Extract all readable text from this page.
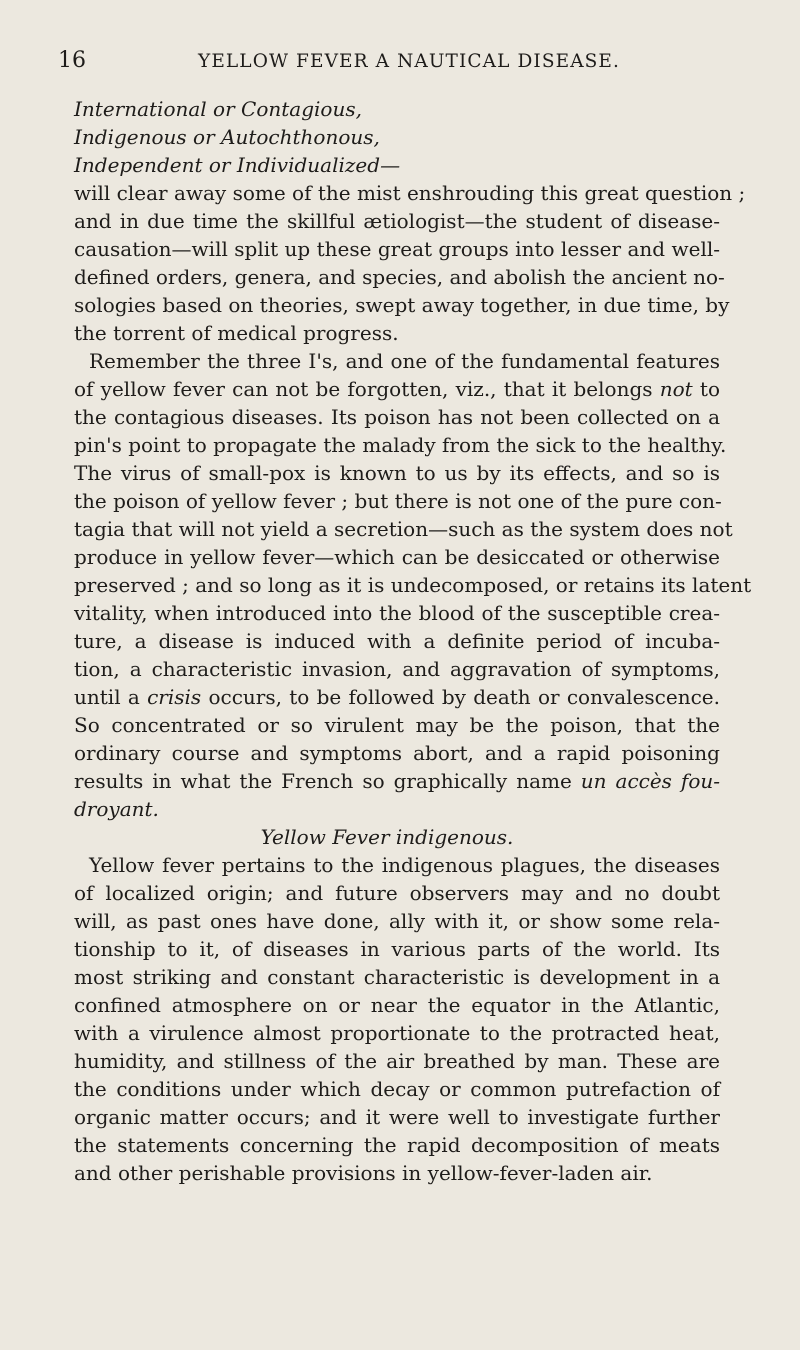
16	YELLOW FEVER A NAUTICAL DISEASE.
International or Contagious,
Indigenous or Autochthonous,
Independent or Individualized—
will clear away some of the mist enshrouding this great question ;
and in due time the skillful ætiologist—the student of disease-
causation—will split up these great groups into lesser and well-
defined orders, genera, and species, and abolish the ancient no-
sologies based on theories, swept away together, in due time, by
the torrent of medical progress.
Remember the three I's, and one of the fundamental features
of yellow fever can not be forgotten, viz., that it belongs not to
the contagious diseases. Its poison has not been collected on a
pin's point to propagate the malady from the sick to the healthy.
The virus of small-pox is known to us by its effects, and so is
the poison of yellow fever ; but there is not one of the pure con-
tagia that will not yield a secretion—such as the system does not
produce in yellow fever—which can be desiccated or otherwise
preserved ; and so long as it is undecomposed, or retains its latent
vitality, when introduced into the blood of the susceptible crea-
ture, a disease is induced with a definite period of incuba-
tion, a characteristic invasion, and aggravation of symptoms,
until a crisis occurs, to be followed by death or convalescence.
So concentrated or so virulent may be the poison, that the
ordinary course and symptoms abort, and a rapid poisoning
results in what the French so graphically name un accès fou-
droyant.
Yellow Fever indigenous.
Yellow fever pertains to the indigenous plagues, the diseases
of localized origin; and future observers may and no doubt
will, as past ones have done, ally with it, or show some rela-
tionship to it, of diseases in various parts of the world. Its
most striking and constant characteristic is development in a
confined atmosphere on or near the equator in the Atlantic,
with a virulence almost proportionate to the protracted heat,
humidity, and stillness of the air breathed by man. These are
the conditions under which decay or common putrefaction of
organic matter occurs; and it were well to investigate further
the statements concerning the rapid decomposition of meats
and other perishable provisions in yellow-fever-laden air.
